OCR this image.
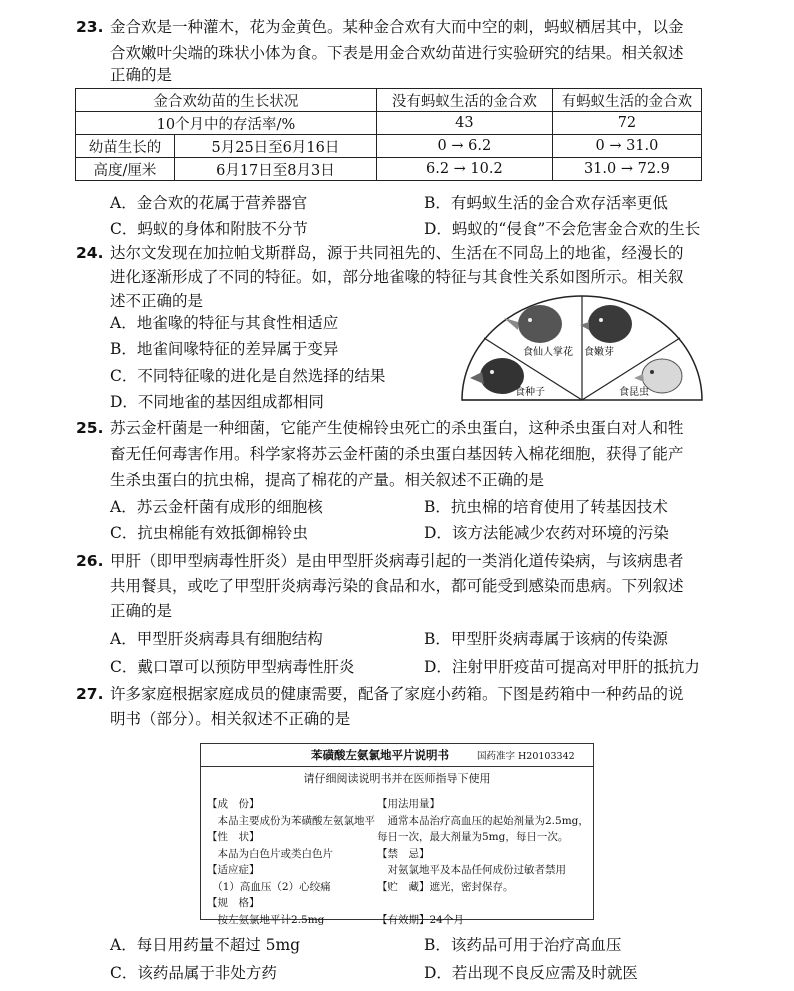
23. 金合欢是一种灌木，花为金黄色。某种金合欢有大而中空的刺，蚂蚁栖居其中，以金
合欢嫩叶尖端的珠状小体为食。下表是用金合欢幼苗进行实验研究的结果。相关叙述
正确的是
金合欢幼苗的生长状况		没有蚂蚁生活的金合欢	有蚂蚁生活的金合欢
10个月中的存活率/%		43	72
幼苗生长的	5月25日至6月16日	0 → 6.2	0 → 31.0
高度/厘米	6月17日至8月3日	6.2 → 10.2	31.0 → 72.9
A．金合欢的花属于营养器官	B．有蚂蚁生活的金合欢存活率更低
C．蚂蚁的身体和附肢不分节	D．蚂蚁的“侵食”不会危害金合欢的生长
24. 达尔文发现在加拉帕戈斯群岛，源于共同祖先的、生活在不同岛上的地雀，经漫长的
进化逐渐形成了不同的特征。如，部分地雀喙的特征与其食性关系如图所示。相关叙
述不正确的是
A．地雀喙的特征与其食性相适应
B．地雀间喙特征的差异属于变异
C．不同特征喙的进化是自然选择的结果
D．不同地雀的基因组成都相同
食仙人掌花 食嫩芽
食种子	食昆虫
25. 苏云金杆菌是一种细菌，它能产生使棉铃虫死亡的杀虫蛋白，这种杀虫蛋白对人和牲
畜无任何毒害作用。科学家将苏云金杆菌的杀虫蛋白基因转入棉花细胞，获得了能产
生杀虫蛋白的抗虫棉，提高了棉花的产量。相关叙述不正确的是
A．苏云金杆菌有成形的细胞核	B．抗虫棉的培育使用了转基因技术
C．抗虫棉能有效抵御棉铃虫	D．该方法能减少农药对环境的污染
26. 甲肝（即甲型病毒性肝炎）是由甲型肝炎病毒引起的一类消化道传染病，与该病患者
共用餐具，或吃了甲型肝炎病毒污染的食品和水，都可能受到感染而患病。下列叙述
正确的是
A．甲型肝炎病毒具有细胞结构	B．甲型肝炎病毒属于该病的传染源
C．戴口罩可以预防甲型病毒性肝炎	D．注射甲肝疫苗可提高对甲肝的抵抗力
27. 许多家庭根据家庭成员的健康需要，配备了家庭小药箱。下图是药箱中一种药品的说
明书（部分）。相关叙述不正确的是
苯磺酸左氨氯地平片说明书	国药准字 H20103342
请仔细阅读说明书并在医师指导下使用
【成　份】
　本品主要成份为苯磺酸左氨氯地平
【性　状】
　本品为白色片或类白色片
【适应症】
　（1）高血压（2）心绞痛
【规　格】
　按左氨氯地平计2.5mg
【用法用量】
　通常本品治疗高血压的起始剂量为2.5mg，
每日一次，最大剂量为5mg，每日一次。
【禁　忌】
　对氨氯地平及本品任何成份过敏者禁用
【贮　藏】遮光，密封保存。
【有效期】24个月
A．每日用药量不超过 5mg	B．该药品可用于治疗高血压
C．该药品属于非处方药	D．若出现不良反应需及时就医
